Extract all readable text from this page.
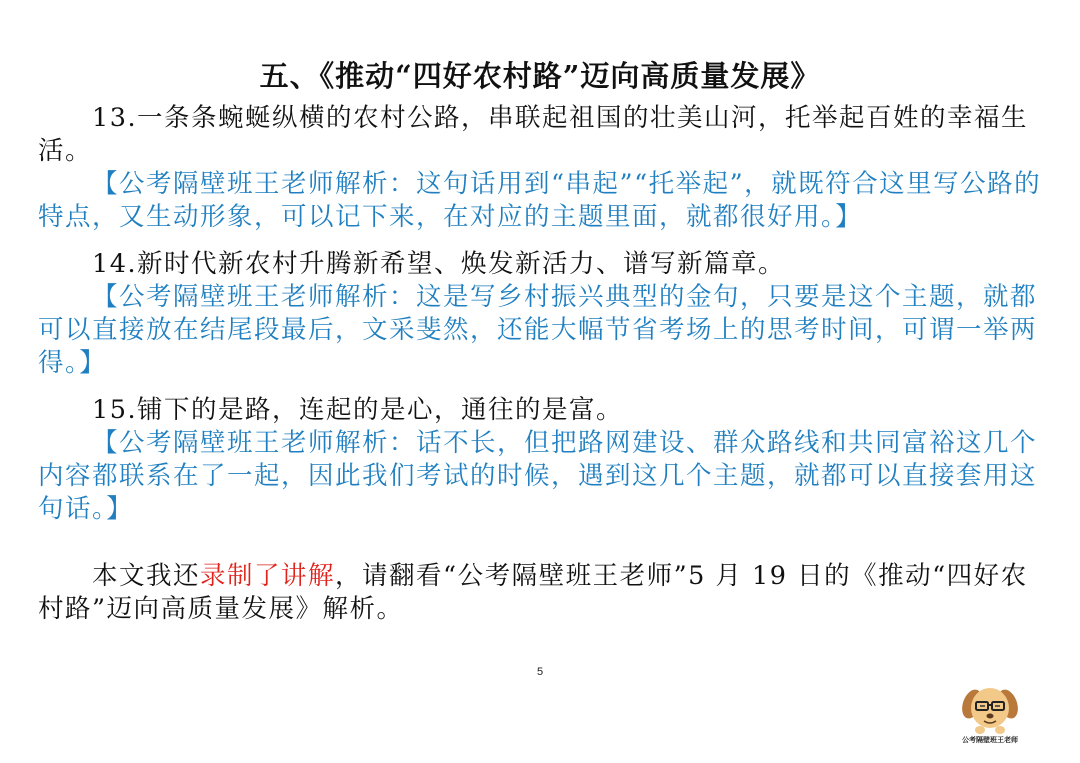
五、《推动“四好农村路”迈向高质量发展》

13.一条条蜿蜒纵横的农村公路，串联起祖国的壮美山河，托举起百姓的幸福生活。

【公考隔壁班王老师解析：这句话用到“串起”“托举起”，就既符合这里写公路的特点，又生动形象，可以记下来，在对应的主题里面，就都很好用。】

14.新时代新农村升腾新希望、焕发新活力、谱写新篇章。

【公考隔壁班王老师解析：这是写乡村振兴典型的金句，只要是这个主题，就都可以直接放在结尾段最后，文采斐然，还能大幅节省考场上的思考时间，可谓一举两得。】

15.铺下的是路，连起的是心，通往的是富。

【公考隔壁班王老师解析：话不长，但把路网建设、群众路线和共同富裕这几个内容都联系在了一起，因此我们考试的时候，遇到这几个主题，就都可以直接套用这句话。】

本文我还录制了讲解，请翻看“公考隔壁班王老师”5 月 19 日的《推动“四好农村路”迈向高质量发展》解析。

5
公考隔壁班王老师
